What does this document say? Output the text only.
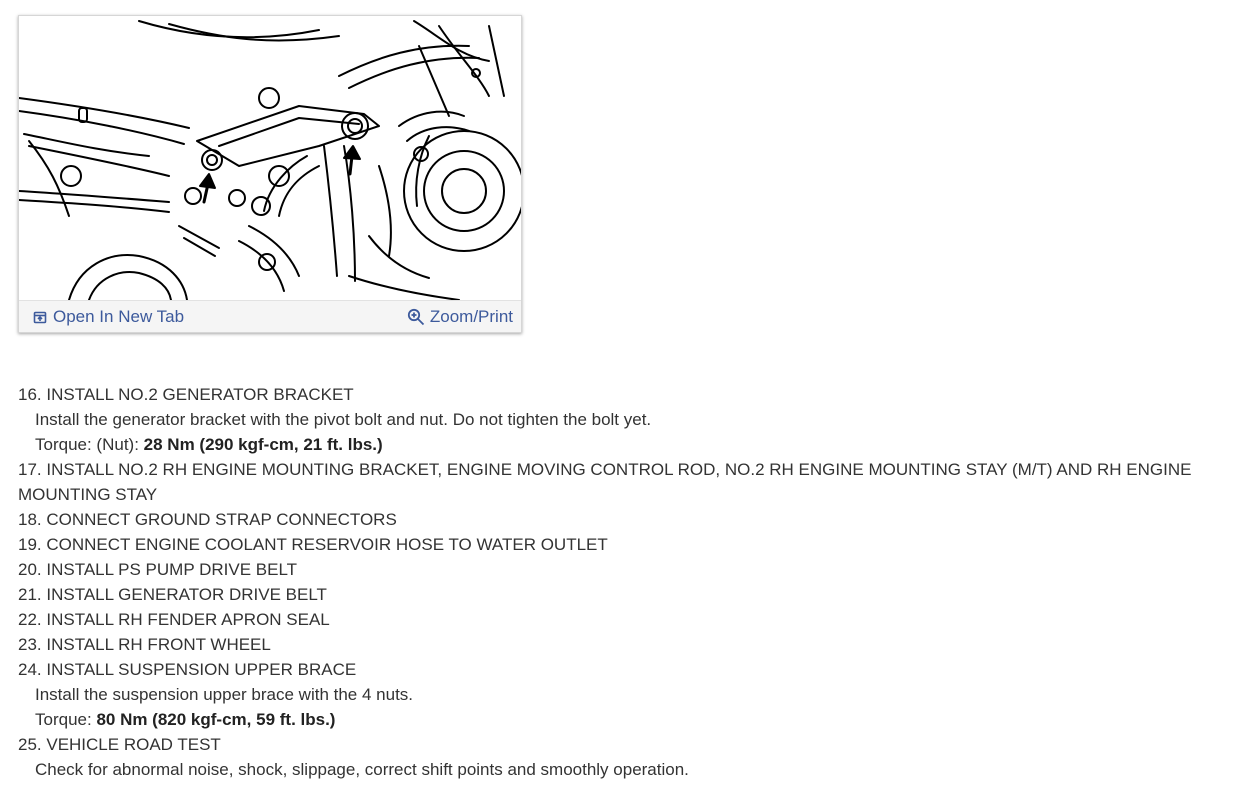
Open In New Tab	Zoom/Print
16. INSTALL NO.2 GENERATOR BRACKET
Install the generator bracket with the pivot bolt and nut. Do not tighten the bolt yet.
Torque: (Nut): 28 Nm (290 kgf-cm, 21 ft. lbs.)
17. INSTALL NO.2 RH ENGINE MOUNTING BRACKET, ENGINE MOVING CONTROL ROD, NO.2 RH ENGINE MOUNTING STAY (M/T) AND RH ENGINE MOUNTING STAY
18. CONNECT GROUND STRAP CONNECTORS
19. CONNECT ENGINE COOLANT RESERVOIR HOSE TO WATER OUTLET
20. INSTALL PS PUMP DRIVE BELT
21. INSTALL GENERATOR DRIVE BELT
22. INSTALL RH FENDER APRON SEAL
23. INSTALL RH FRONT WHEEL
24. INSTALL SUSPENSION UPPER BRACE
Install the suspension upper brace with the 4 nuts.
Torque: 80 Nm (820 kgf-cm, 59 ft. lbs.)
25. VEHICLE ROAD TEST
Check for abnormal noise, shock, slippage, correct shift points and smoothly operation.
